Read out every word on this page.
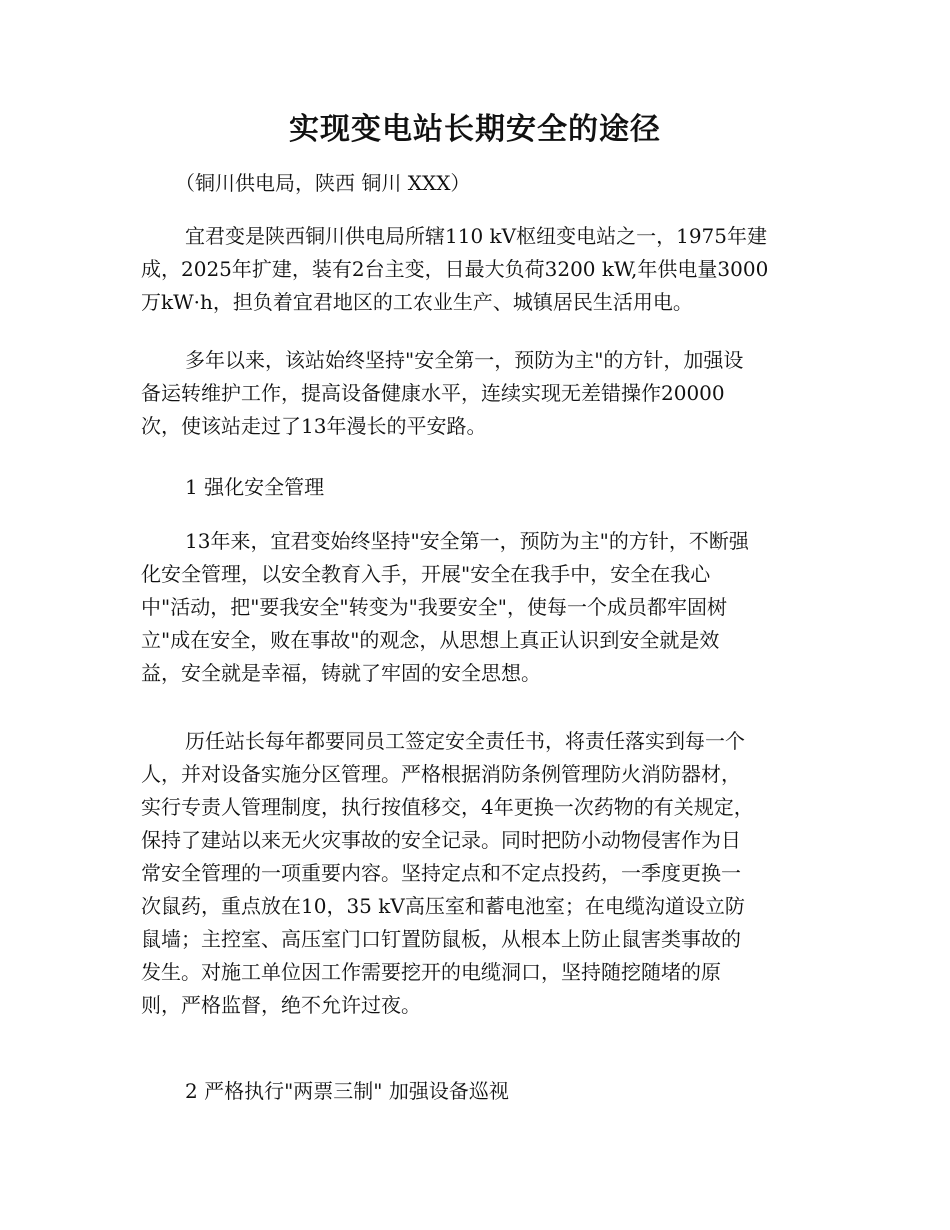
实现变电站长期安全的途径
（铜川供电局，陕西 铜川 XXX）
宜君变是陕西铜川供电局所辖110 kV枢纽变电站之一，1975年建
成，2025年扩建，装有2台主变，日最大负荷3200 kW,年供电量3000
万kW·h，担负着宜君地区的工农业生产、城镇居民生活用电。
多年以来，该站始终坚持"安全第一，预防为主"的方针，加强设
备运转维护工作，提高设备健康水平，连续实现无差错操作20000
次，使该站走过了13年漫长的平安路。
1 强化安全管理
13年来，宜君变始终坚持"安全第一，预防为主"的方针，不断强
化安全管理，以安全教育入手，开展"安全在我手中，安全在我心
中"活动，把"要我安全"转变为"我要安全"，使每一个成员都牢固树
立"成在安全，败在事故"的观念，从思想上真正认识到安全就是效
益，安全就是幸福，铸就了牢固的安全思想。
历任站长每年都要同员工签定安全责任书，将责任落实到每一个
人，并对设备实施分区管理。严格根据消防条例管理防火消防器材，
实行专责人管理制度，执行按值移交，4年更换一次药物的有关规定，
保持了建站以来无火灾事故的安全记录。同时把防小动物侵害作为日
常安全管理的一项重要内容。坚持定点和不定点投药，一季度更换一
次鼠药，重点放在10，35 kV高压室和蓄电池室；在电缆沟道设立防
鼠墙；主控室、高压室门口钉置防鼠板，从根本上防止鼠害类事故的
发生。对施工单位因工作需要挖开的电缆洞口，坚持随挖随堵的原
则，严格监督，绝不允许过夜。
2 严格执行"两票三制" 加强设备巡视
